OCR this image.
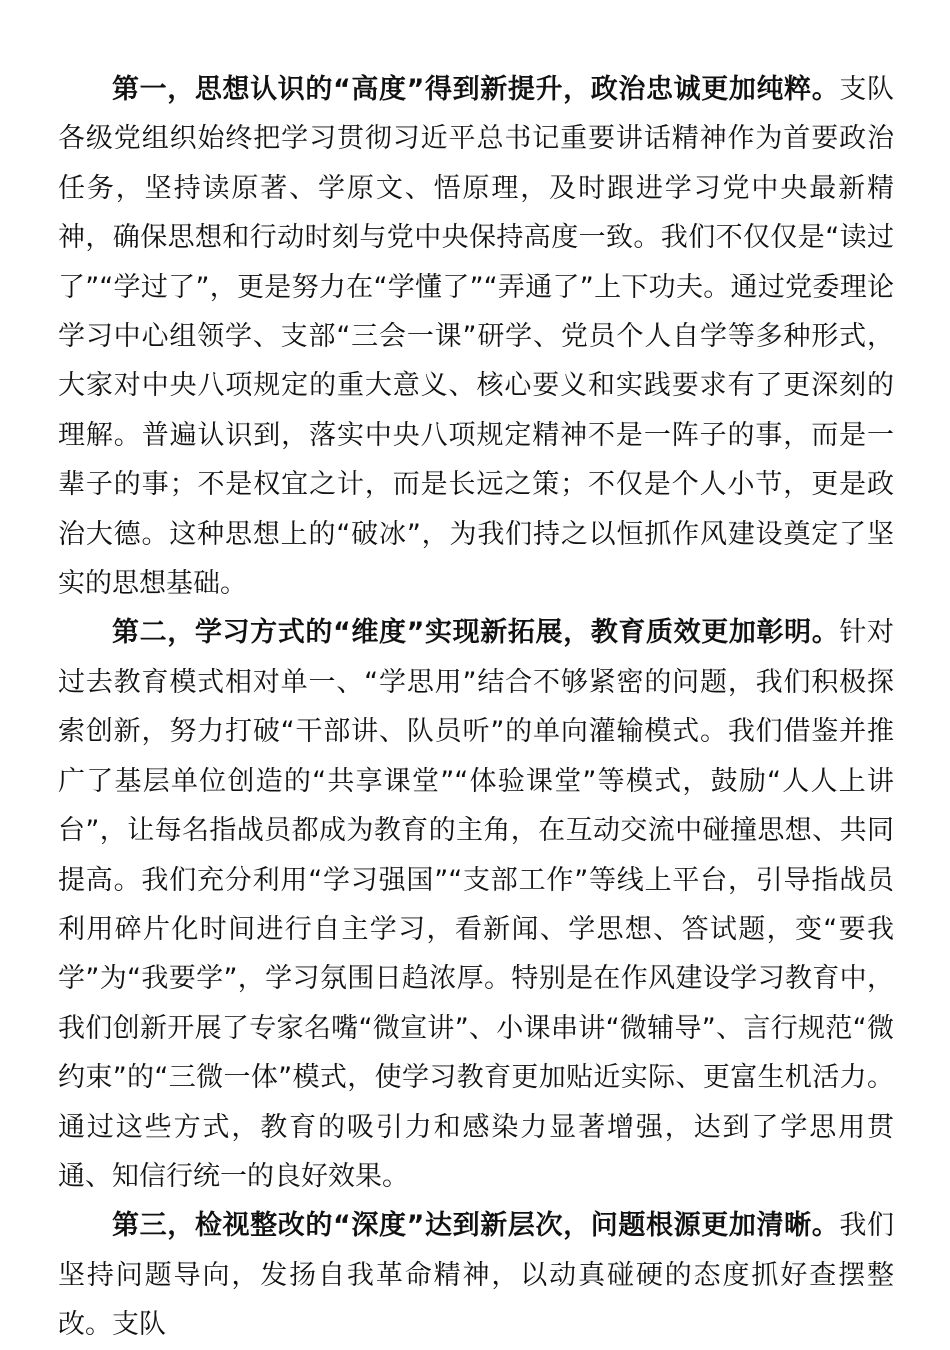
第一，思想认识的“高度”得到新提升，政治忠诚更加纯粹。支队各级党组织始终把学习贯彻习近平总书记重要讲话精神作为首要政治任务，坚持读原著、学原文、悟原理，及时跟进学习党中央最新精神，确保思想和行动时刻与党中央保持高度一致。我们不仅仅是“读过了”“学过了”，更是努力在“学懂了”“弄通了”上下功夫。通过党委理论学习中心组领学、支部“三会一课”研学、党员个人自学等多种形式，大家对中央八项规定的重大意义、核心要义和实践要求有了更深刻的理解。普遍认识到，落实中央八项规定精神不是一阵子的事，而是一辈子的事；不是权宜之计，而是长远之策；不仅是个人小节，更是政治大德。这种思想上的“破冰”，为我们持之以恒抓作风建设奠定了坚实的思想基础。

第二，学习方式的“维度”实现新拓展，教育质效更加彰明。针对过去教育模式相对单一、“学思用”结合不够紧密的问题，我们积极探索创新，努力打破“干部讲、队员听”的单向灌输模式。我们借鉴并推广了基层单位创造的“共享课堂”“体验课堂”等模式，鼓励“人人上讲台”，让每名指战员都成为教育的主角，在互动交流中碰撞思想、共同提高。我们充分利用“学习强国”“支部工作”等线上平台，引导指战员利用碎片化时间进行自主学习，看新闻、学思想、答试题，变“要我学”为“我要学”，学习氛围日趋浓厚。特别是在作风建设学习教育中，我们创新开展了专家名嘴“微宣讲”、小课串讲“微辅导”、言行规范“微约束”的“三微一体”模式，使学习教育更加贴近实际、更富生机活力。通过这些方式，教育的吸引力和感染力显著增强，达到了学思用贯通、知信行统一的良好效果。

第三，检视整改的“深度”达到新层次，问题根源更加清晰。我们坚持问题导向，发扬自我革命精神，以动真碰硬的态度抓好查摆整改。支队
